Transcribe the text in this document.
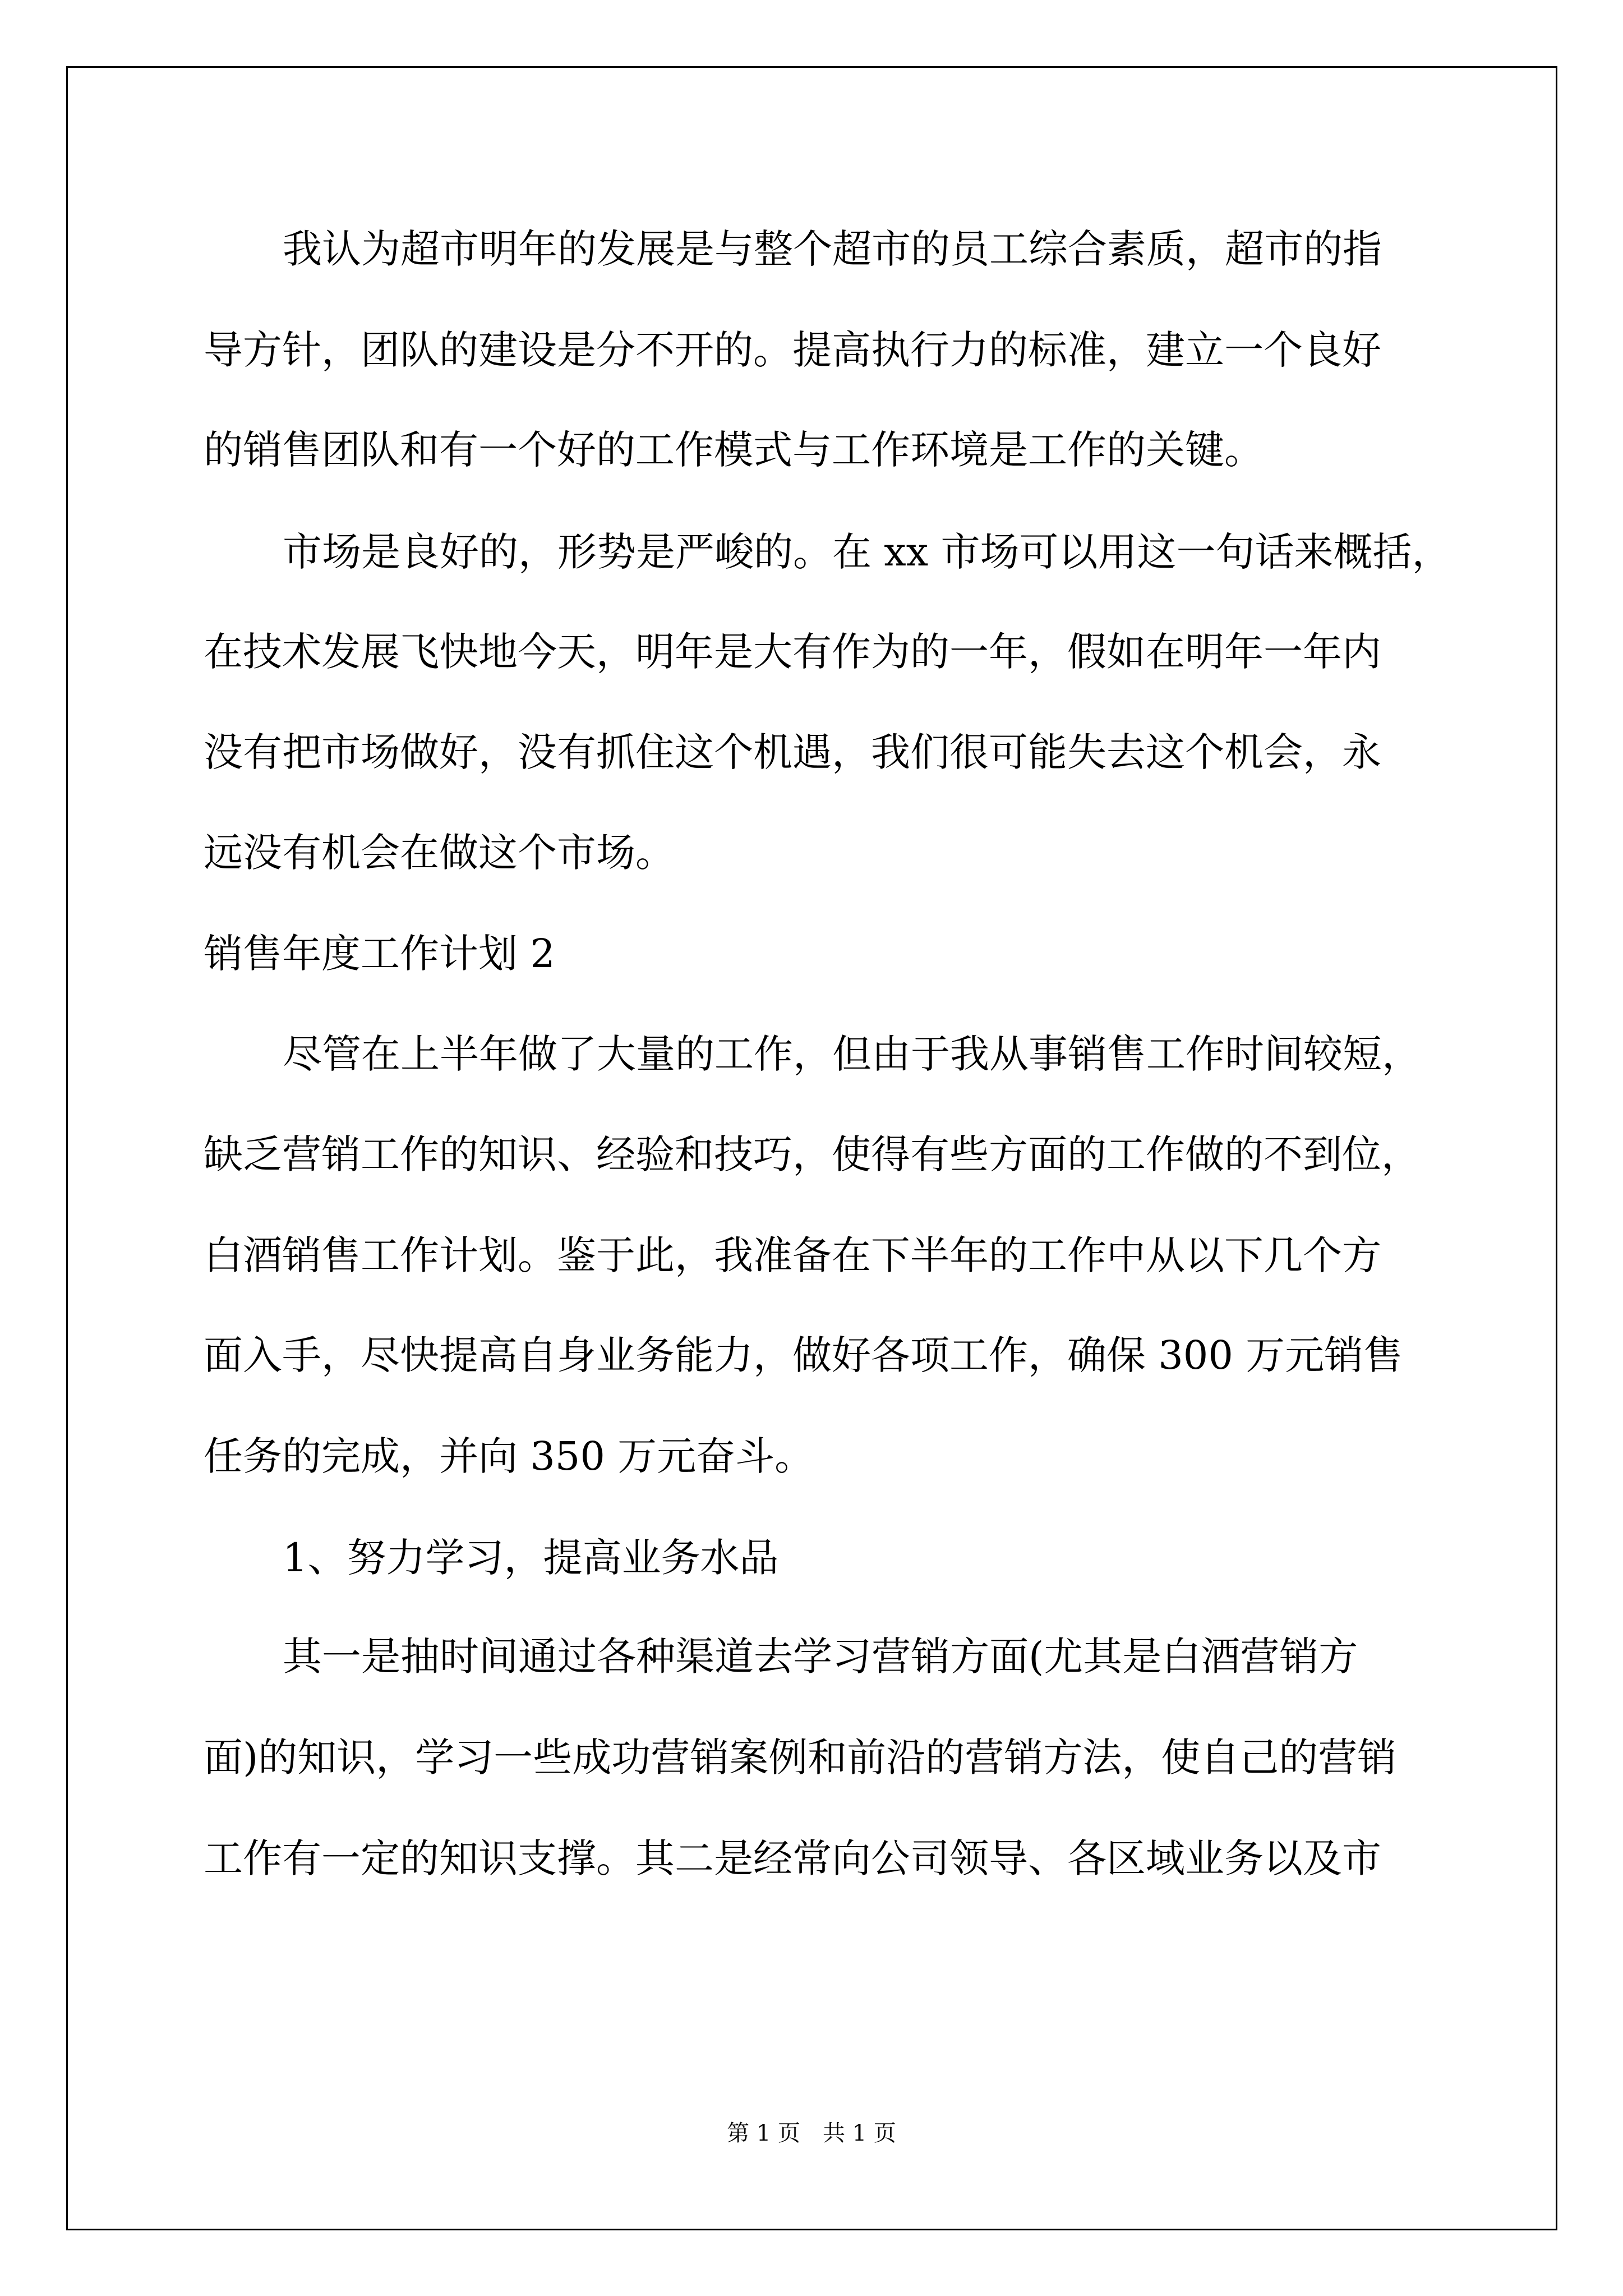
我认为超市明年的发展是与整个超市的员工综合素质，超市的指
导方针，团队的建设是分不开的。提高执行力的标准，建立一个良好
的销售团队和有一个好的工作模式与工作环境是工作的关键。
市场是良好的，形势是严峻的。在 xx 市场可以用这一句话来概括，
在技术发展飞快地今天，明年是大有作为的一年，假如在明年一年内
没有把市场做好，没有抓住这个机遇，我们很可能失去这个机会，永
远没有机会在做这个市场。
销售年度工作计划 2
尽管在上半年做了大量的工作，但由于我从事销售工作时间较短，
缺乏营销工作的知识、经验和技巧，使得有些方面的工作做的不到位，
白酒销售工作计划。鉴于此，我准备在下半年的工作中从以下几个方
面入手，尽快提高自身业务能力，做好各项工作，确保 300 万元销售
任务的完成，并向 350 万元奋斗。
1、努力学习，提高业务水品
其一是抽时间通过各种渠道去学习营销方面(尤其是白酒营销方
面)的知识，学习一些成功营销案例和前沿的营销方法，使自己的营销
工作有一定的知识支撑。其二是经常向公司领导、各区域业务以及市
第 1 页　共 1 页
